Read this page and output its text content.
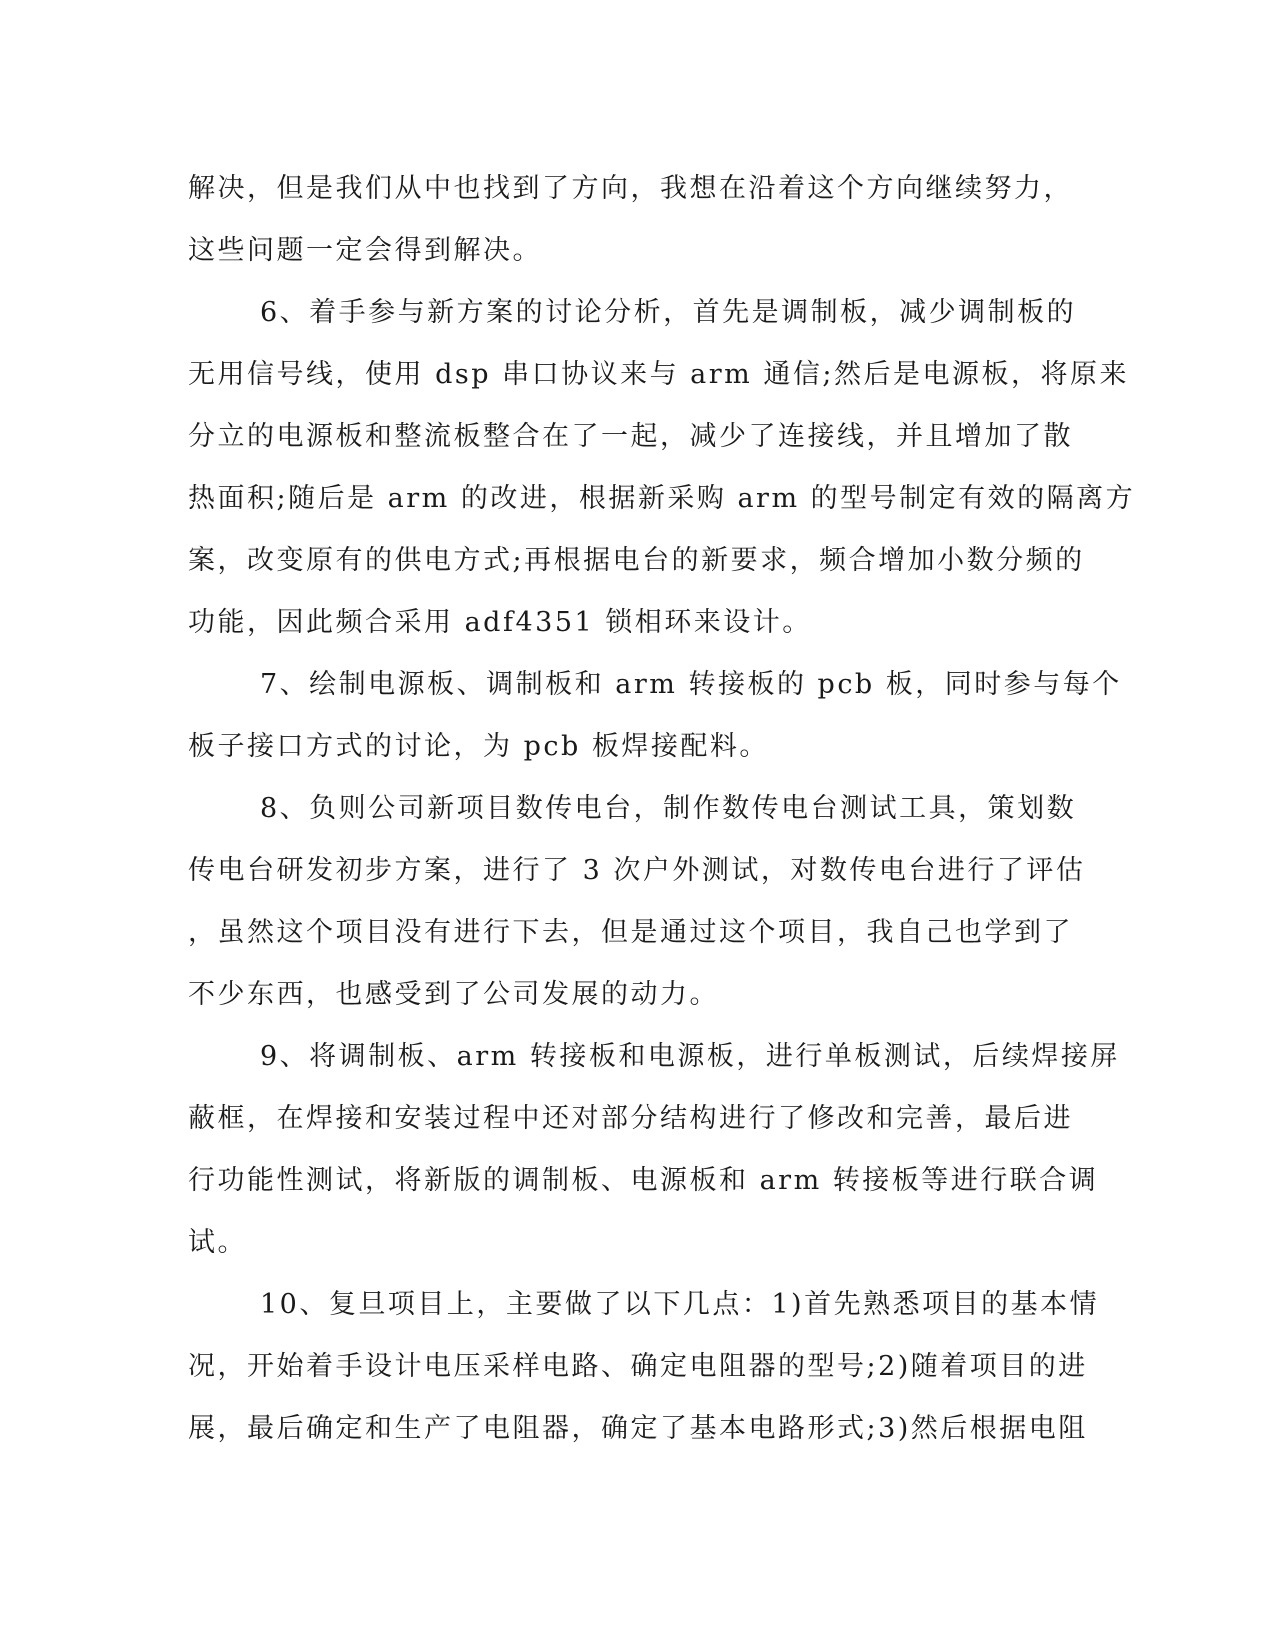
解决，但是我们从中也找到了方向，我想在沿着这个方向继续努力，
这些问题一定会得到解决。
6、着手参与新方案的讨论分析，首先是调制板，减少调制板的
无用信号线，使用 dsp 串口协议来与 arm 通信;然后是电源板，将原来
分立的电源板和整流板整合在了一起，减少了连接线，并且增加了散
热面积;随后是 arm 的改进，根据新采购 arm 的型号制定有效的隔离方
案，改变原有的供电方式;再根据电台的新要求，频合增加小数分频的
功能，因此频合采用 adf4351 锁相环来设计。
7、绘制电源板、调制板和 arm 转接板的 pcb 板，同时参与每个
板子接口方式的讨论，为 pcb 板焊接配料。
8、负则公司新项目数传电台，制作数传电台测试工具，策划数
传电台研发初步方案，进行了 3 次户外测试，对数传电台进行了评估
，虽然这个项目没有进行下去，但是通过这个项目，我自己也学到了
不少东西，也感受到了公司发展的动力。
9、将调制板、arm 转接板和电源板，进行单板测试，后续焊接屏
蔽框，在焊接和安装过程中还对部分结构进行了修改和完善，最后进
行功能性测试，将新版的调制板、电源板和 arm 转接板等进行联合调
试。
10、复旦项目上，主要做了以下几点：1)首先熟悉项目的基本情
况，开始着手设计电压采样电路、确定电阻器的型号;2)随着项目的进
展，最后确定和生产了电阻器，确定了基本电路形式;3)然后根据电阻
